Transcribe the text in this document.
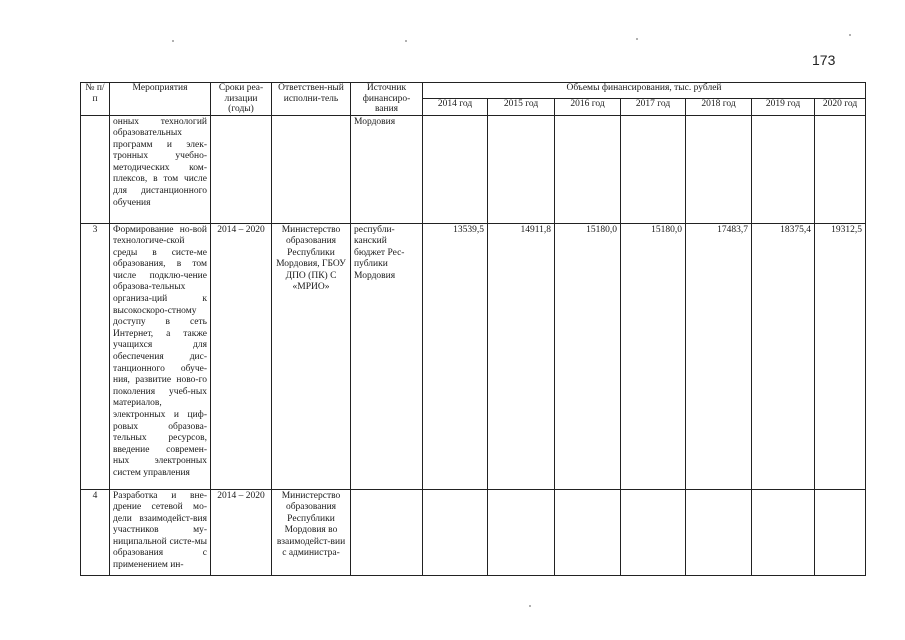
173
№ п/п	Мероприятия	Сроки реа-лизации (годы)	Ответствен-ный исполни-тель	Источник финансиро-вания	Объемы финансирования, тыс. рублей						
					2014 год	2015 год	2016 год	2017 год	2018 год	2019 год	2020 год
	онных технологий образовательных программ и элек-тронных учебно-методических ком-плексов, в том числе для дистанционного обучения			Мордовия							
3	Формирование но-вой технологиче-ской среды в систе-ме образования, в том числе подклю-чение образова-тельных организа-ций к высокоскоро-стному доступу в сеть Интернет, а также учащихся для обеспечения дис-танционного обуче-ния, развитие ново-го поколения учеб-ных материалов, электронных и циф-ровых образова-тельных ресурсов, введение современ-ных электронных систем управления	2014 – 2020	Министерство образования Республики Мордовия, ГБОУ ДПО (ПК) С «МРИО»	республи-канский бюджет Рес-публики Мордовия	13539,5	14911,8	15180,0	15180,0	17483,7	18375,4	19312,5
4	Разработка и вне-дрение сетевой мо-дели взаимодейст-вия участников му-ниципальной систе-мы образования с применением ин-	2014 – 2020	Министерство образования Республики Мордовия во взаимодейст-вии с администра-								
